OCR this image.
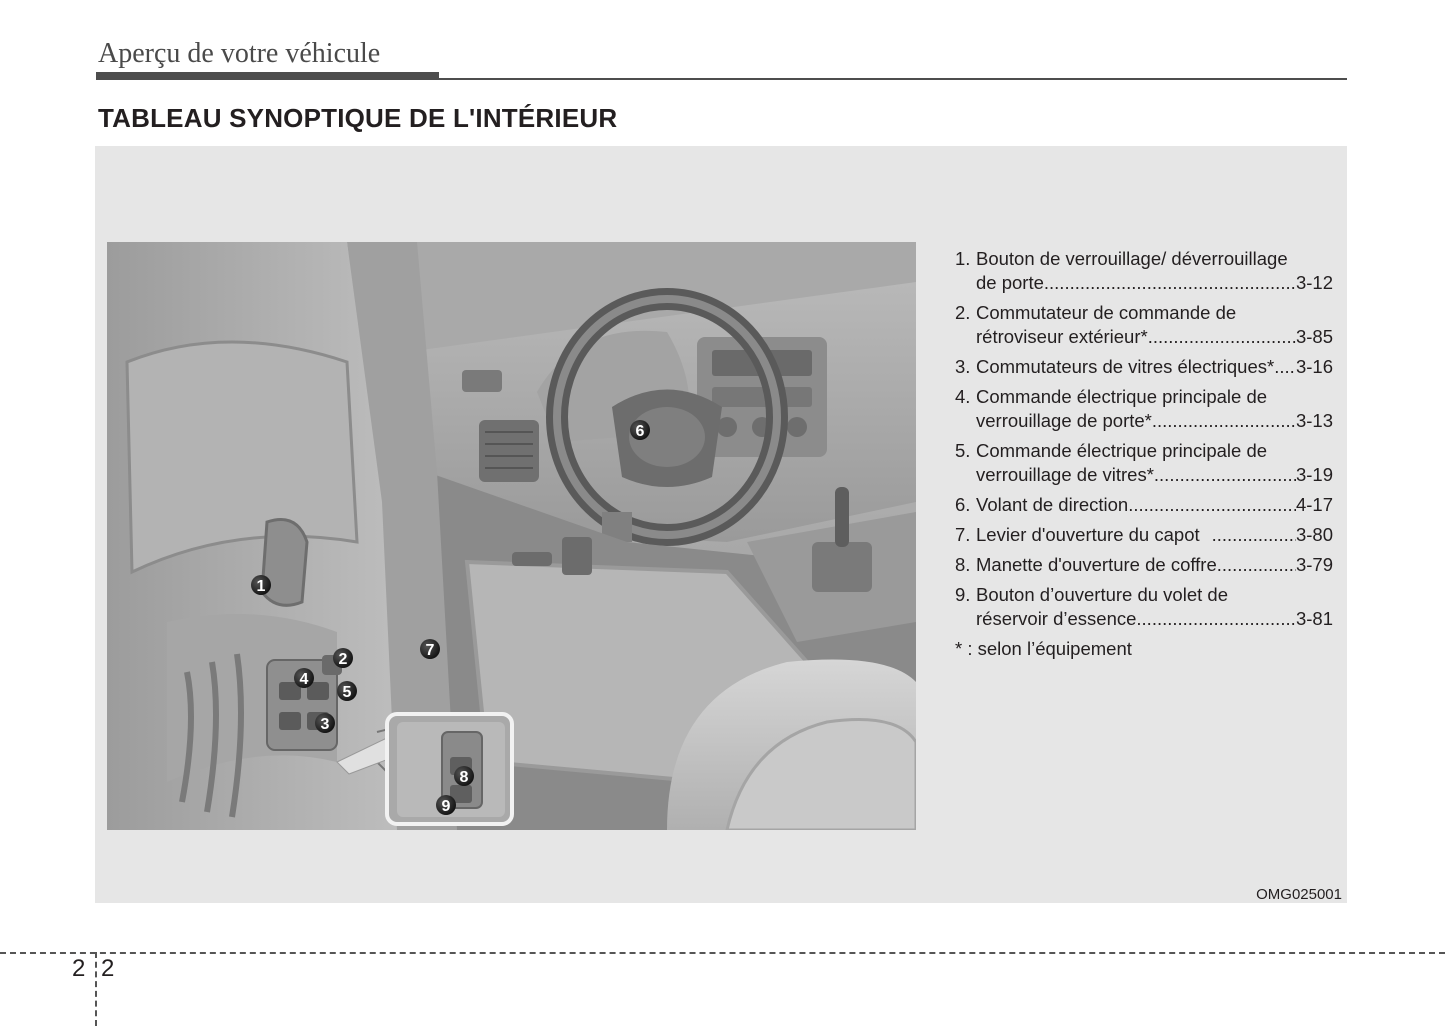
Aperçu de votre véhicule
TABLEAU SYNOPTIQUE DE L'INTÉRIEUR
1
2
3
4
5
6
7
8
9
1. Bouton de verrouillage/ déverrouillage
de porte .....	3-12
2. Commutateur de commande de
rétroviseur extérieur* .....	3-85
3. Commutateurs de vitres électriques* ..... 3-16
4. Commande électrique principale de
verrouillage de porte* .....	3-13
5. Commande électrique principale de
verrouillage de vitres* .....	3-19
6. Volant de direction .....	4-17
7. Levier d'ouverture du capot .....	3-80
8. Manette d'ouverture de coffre .....	3-79
9. Bouton d’ouverture du volet de
réservoir d’essence .....	3-81
* : selon l’équipement
OMG025001
2 2
